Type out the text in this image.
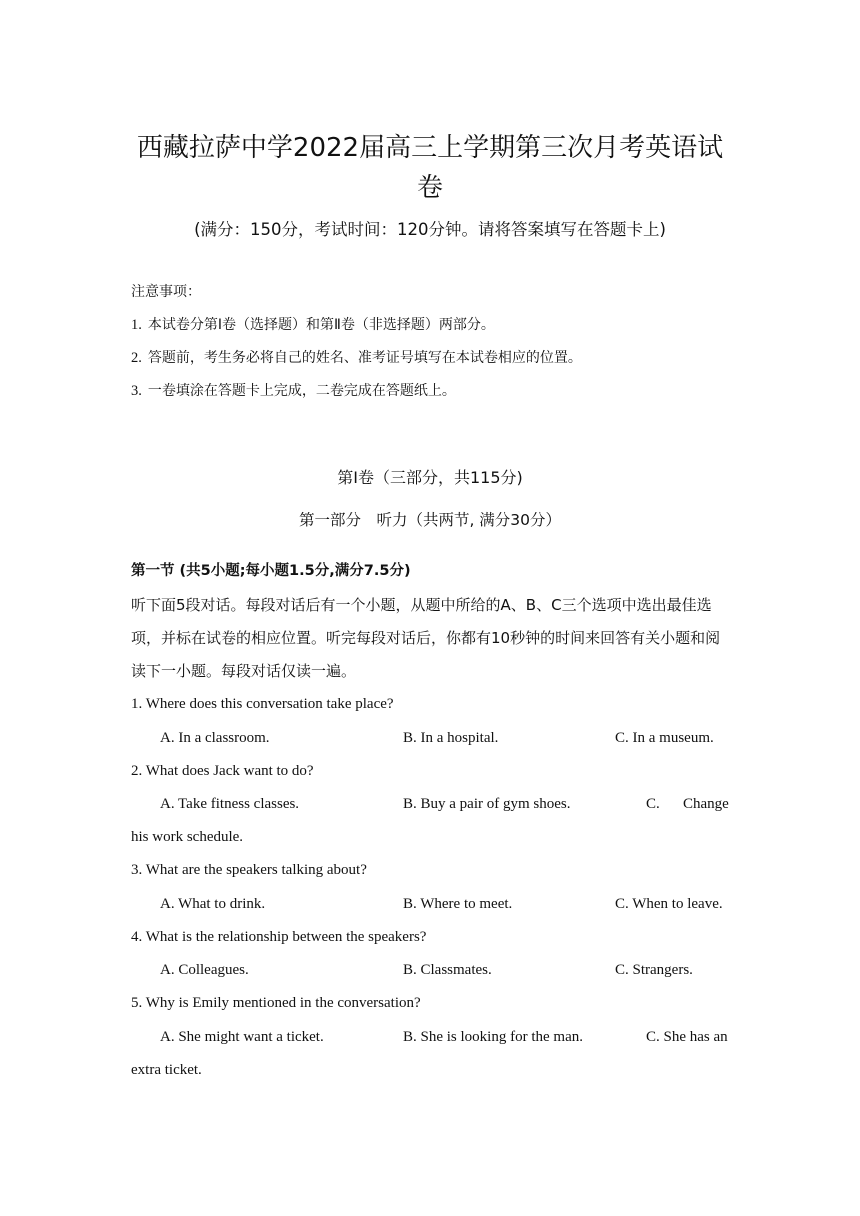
西藏拉萨中学2022届高三上学期第三次月考英语试
卷
(满分：150分，考试时间：120分钟。请将答案填写在答题卡上)
注意事项：
1. 本试卷分第Ⅰ卷（选择题）和第Ⅱ卷（非选择题）两部分。
2. 答题前，考生务必将自己的姓名、准考证号填写在本试卷相应的位置。
3. 一卷填涂在答题卡上完成，二卷完成在答题纸上。
第Ⅰ卷（三部分，共115分)
第一部分　听力（共两节, 满分30分）
第一节 (共5小题;每小题1.5分,满分7.5分)
听下面5段对话。每段对话后有一个小题，从题中所给的A、B、C三个选项中选出最佳选
项，并标在试卷的相应位置。听完每段对话后，你都有10秒钟的时间来回答有关小题和阅
读下一小题。每段对话仅读一遍。
1. Where does this conversation take place?
A. In a classroom.	B. In a hospital.	C. In a museum.
2. What does Jack want to do?
A. Take fitness classes.	B. Buy a pair of gym shoes.	C. Change
his work schedule.
3. What are the speakers talking about?
A. What to drink.	B. Where to meet.	C. When to leave.
4. What is the relationship between the speakers?
A. Colleagues.	B. Classmates.	C. Strangers.
5. Why is Emily mentioned in the conversation?
A. She might want a ticket.	B. She is looking for the man.	C. She has an
extra ticket.
